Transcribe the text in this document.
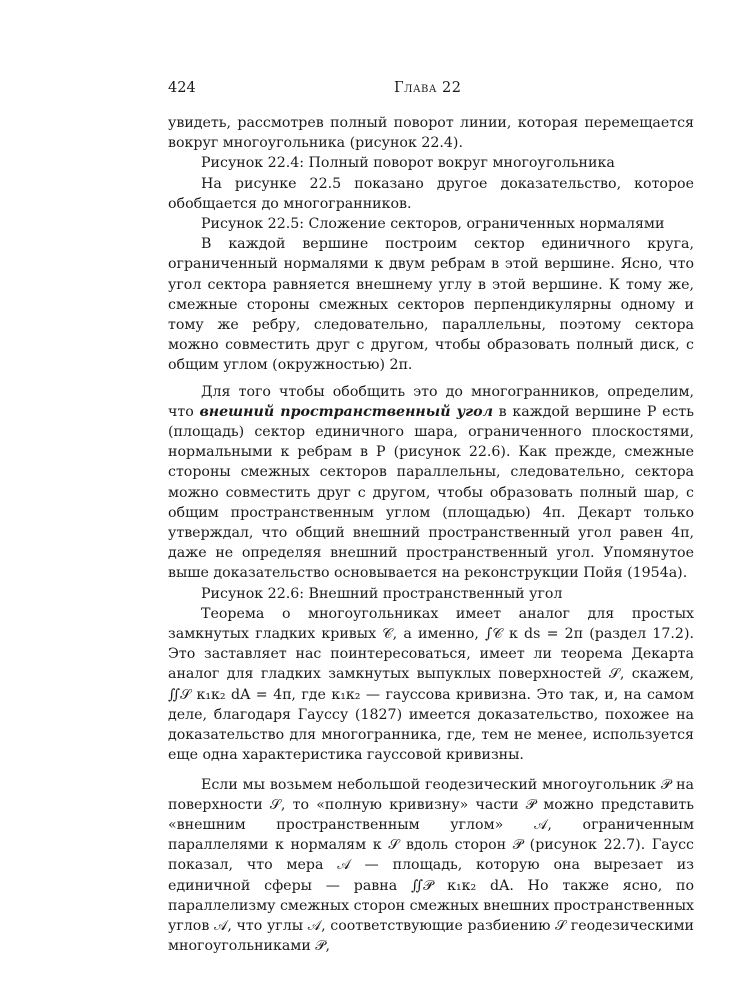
424	Глава 22

увидеть, рассмотрев полный поворот линии, которая перемещается вокруг многоугольника (рисунок 22.4).

Рисунок 22.4: Полный поворот вокруг многоугольника

На рисунке 22.5 показано другое доказательство, которое обобщается до многогранников.

Рисунок 22.5: Сложение секторов, ограниченных нормалями

В каждой вершине построим сектор единичного круга, ограниченный нормалями к двум ребрам в этой вершине. Ясно, что угол сектора равняется внешнему углу в этой вершине. К тому же, смежные стороны смежных секторов перпендикулярны одному и тому же ребру, следовательно, параллельны, поэтому сектора можно совместить друг с другом, чтобы образовать полный диск, с общим углом (окружностью) 2π.

Для того чтобы обобщить это до многогранников, определим, что внешний пространственный угол в каждой вершине P есть (площадь) сектор единичного шара, ограниченного плоскостями, нормальными к ребрам в P (рисунок 22.6). Как прежде, смежные стороны смежных секторов параллельны, следовательно, сектора можно совместить друг с другом, чтобы образовать полный шар, с общим пространственным углом (площадью) 4π. Декарт только утверждал, что общий внешний пространственный угол равен 4π, даже не определяя внешний пространственный угол. Упомянутое выше доказательство основывается на реконструкции Пойя (1954a).

Рисунок 22.6: Внешний пространственный угол

Теорема о многоугольниках имеет аналог для простых замкнутых гладких кривых 𝒞, а именно, ∫𝒞 κ ds = 2π (раздел 17.2). Это заставляет нас поинтересоваться, имеет ли теорема Декарта аналог для гладких замкнутых выпуклых поверхностей 𝒮, скажем, ∬𝒮 κ₁κ₂ dA = 4π, где κ₁κ₂ — гауссова кривизна. Это так, и, на самом деле, благодаря Гауссу (1827) имеется доказательство, похожее на доказательство для многогранника, где, тем не менее, используется еще одна характеристика гауссовой кривизны.

Если мы возьмем небольшой геодезический многоугольник 𝒫 на поверхности 𝒮, то «полную кривизну» части 𝒫 можно представить «внешним пространственным углом» 𝒜, ограниченным параллелями к нормалям к 𝒮 вдоль сторон 𝒫 (рисунок 22.7). Гаусс показал, что мера 𝒜 — площадь, которую она вырезает из единичной сферы — равна ∬𝒫 κ₁κ₂ dA. Но также ясно, по параллелизму смежных сторон смежных внешних пространственных углов 𝒜, что углы 𝒜, соответствующие разбиению 𝒮 геодезическими многоугольниками 𝒫,
